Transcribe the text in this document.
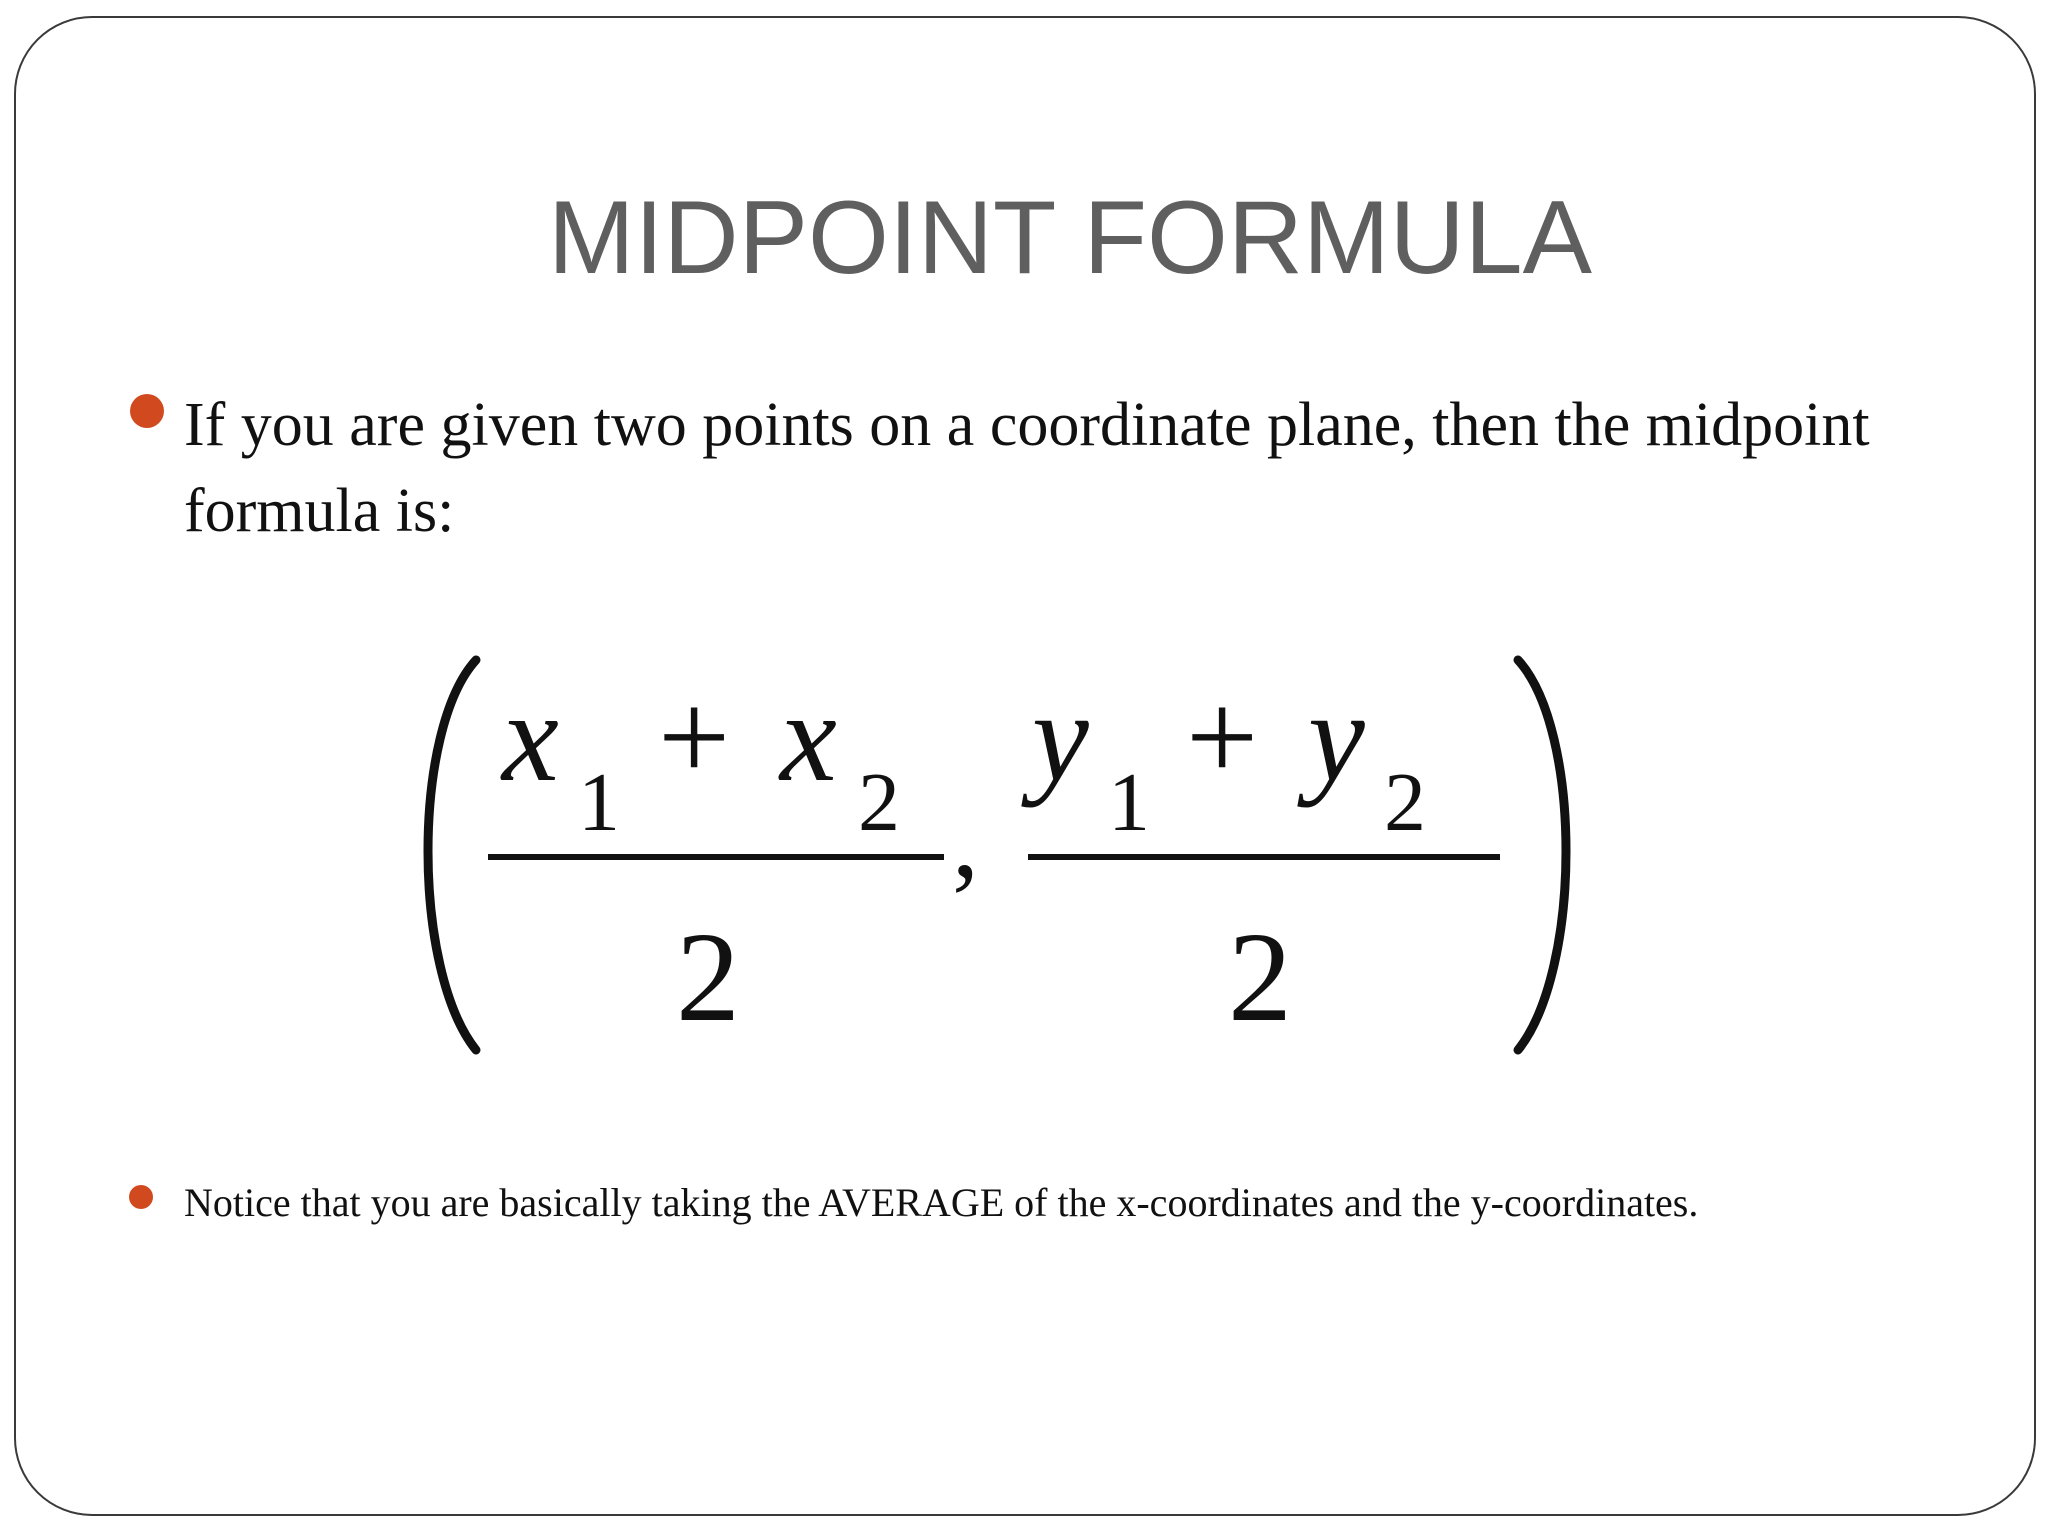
MIDPOINT FORMULA
If you are given two points on a coordinate plane, then the midpoint formula is:
x 1 + x 2
2
,
y 1 + y 2
2
Notice that you are basically taking the AVERAGE of the x-coordinates and the y-coordinates.
